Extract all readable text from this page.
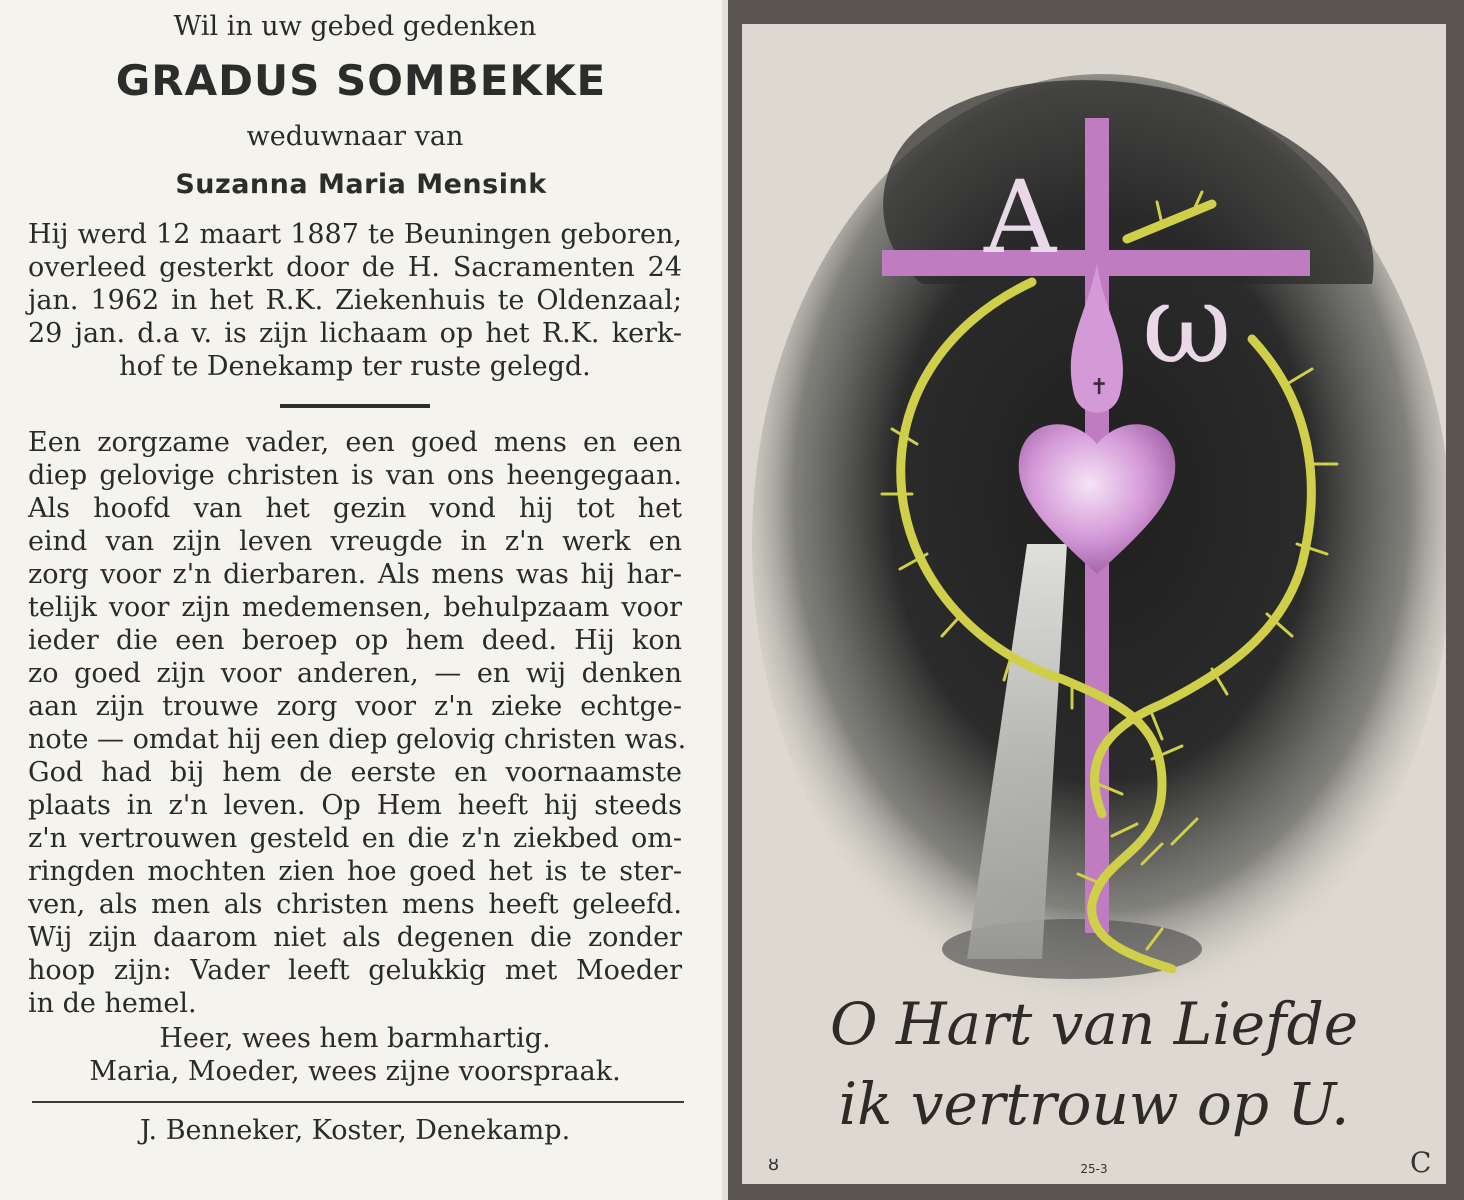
Wil in uw gebed gedenken
GRADUS SOMBEKKE
weduwnaar van
Suzanna Maria Mensink
Hij werd 12 maart 1887 te Beuningen geboren,
overleed gesterkt door de H. Sacramenten 24
jan. 1962 in het R.K. Ziekenhuis te Oldenzaal;
29 jan. d.a v. is zijn lichaam op het R.K. kerk-
hof te Denekamp ter ruste gelegd.
Een zorgzame vader, een goed mens en een
diep gelovige christen is van ons heengegaan.
Als hoofd van het gezin vond hij tot het
eind van zijn leven vreugde in z'n werk en
zorg voor z'n dierbaren. Als mens was hij har-
telijk voor zijn medemensen, behulpzaam voor
ieder die een beroep op hem deed. Hij kon
zo goed zijn voor anderen, — en wij denken
aan zijn trouwe zorg voor z'n zieke echtge-
note — omdat hij een diep gelovig christen was.
God had bij hem de eerste en voornaamste
plaats in z'n leven. Op Hem heeft hij steeds
z'n vertrouwen gesteld en die z'n ziekbed om-
ringden mochten zien hoe goed het is te ster-
ven, als men als christen mens heeft geleefd.
Wij zijn daarom niet als degenen die zonder
hoop zijn: Vader leeft gelukkig met Moeder
in de hemel.
Heer, wees hem barmhartig.
Maria, Moeder, wees zijne voorspraak.
J. Benneker, Koster, Denekamp.
A
ω
✝
O Hart van Liefde
ik vertrouw op U.
25-3
ȣ	C
